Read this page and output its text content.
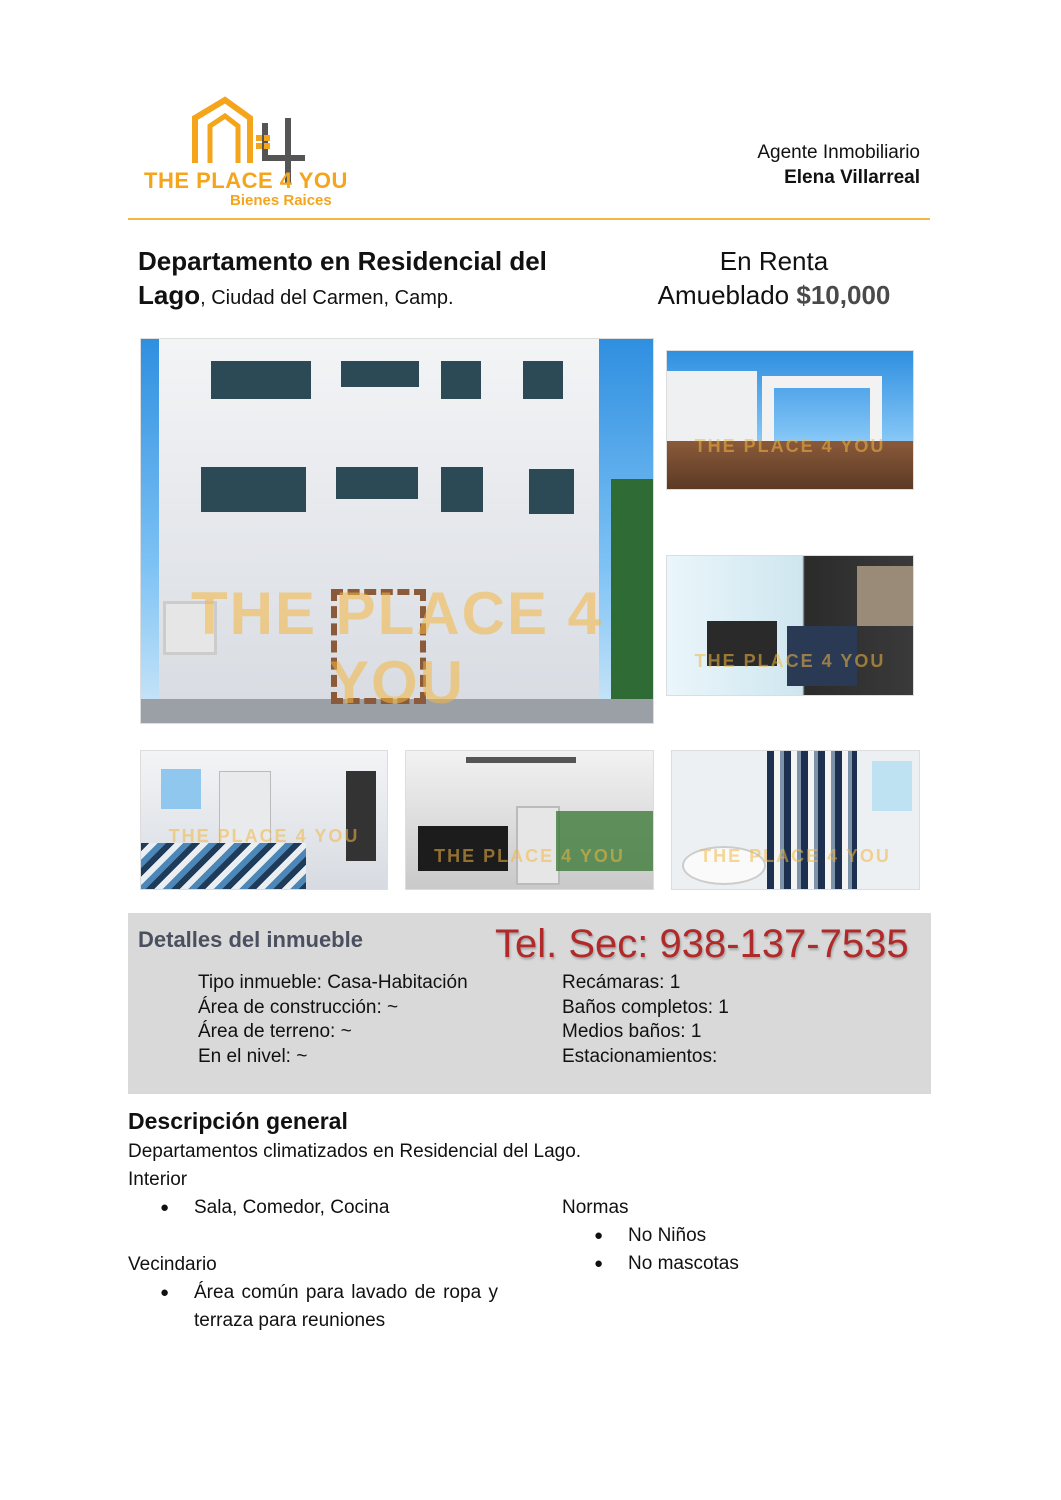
THE PLACE 4 YOU
Bienes Raices
Agente Inmobiliario
Elena Villarreal
Departamento en Residencial del
Lago, Ciudad del Carmen, Camp.
En Renta
Amueblado $10,000
THE PLACE 4 YOU
THE PLACE 4 YOU
THE PLACE 4 YOU
THE PLACE 4 YOU
THE PLACE 4 YOU	THE PLACE 4 YOU
Detalles del inmueble	Tel. Sec: 938-137-7535
Tipo inmueble: Casa-Habitación
Área de construcción: ~
Área de terreno: ~
En el nivel: ~
Recámaras: 1
Baños completos: 1
Medios baños: 1
Estacionamientos:
Descripción general
Departamentos climatizados en Residencial del Lago.
Interior
● Sala, Comedor, Cocina
Vecindario
● Área común para lavado de ropa y terraza para reuniones
Normas
● No Niños
● No mascotas
